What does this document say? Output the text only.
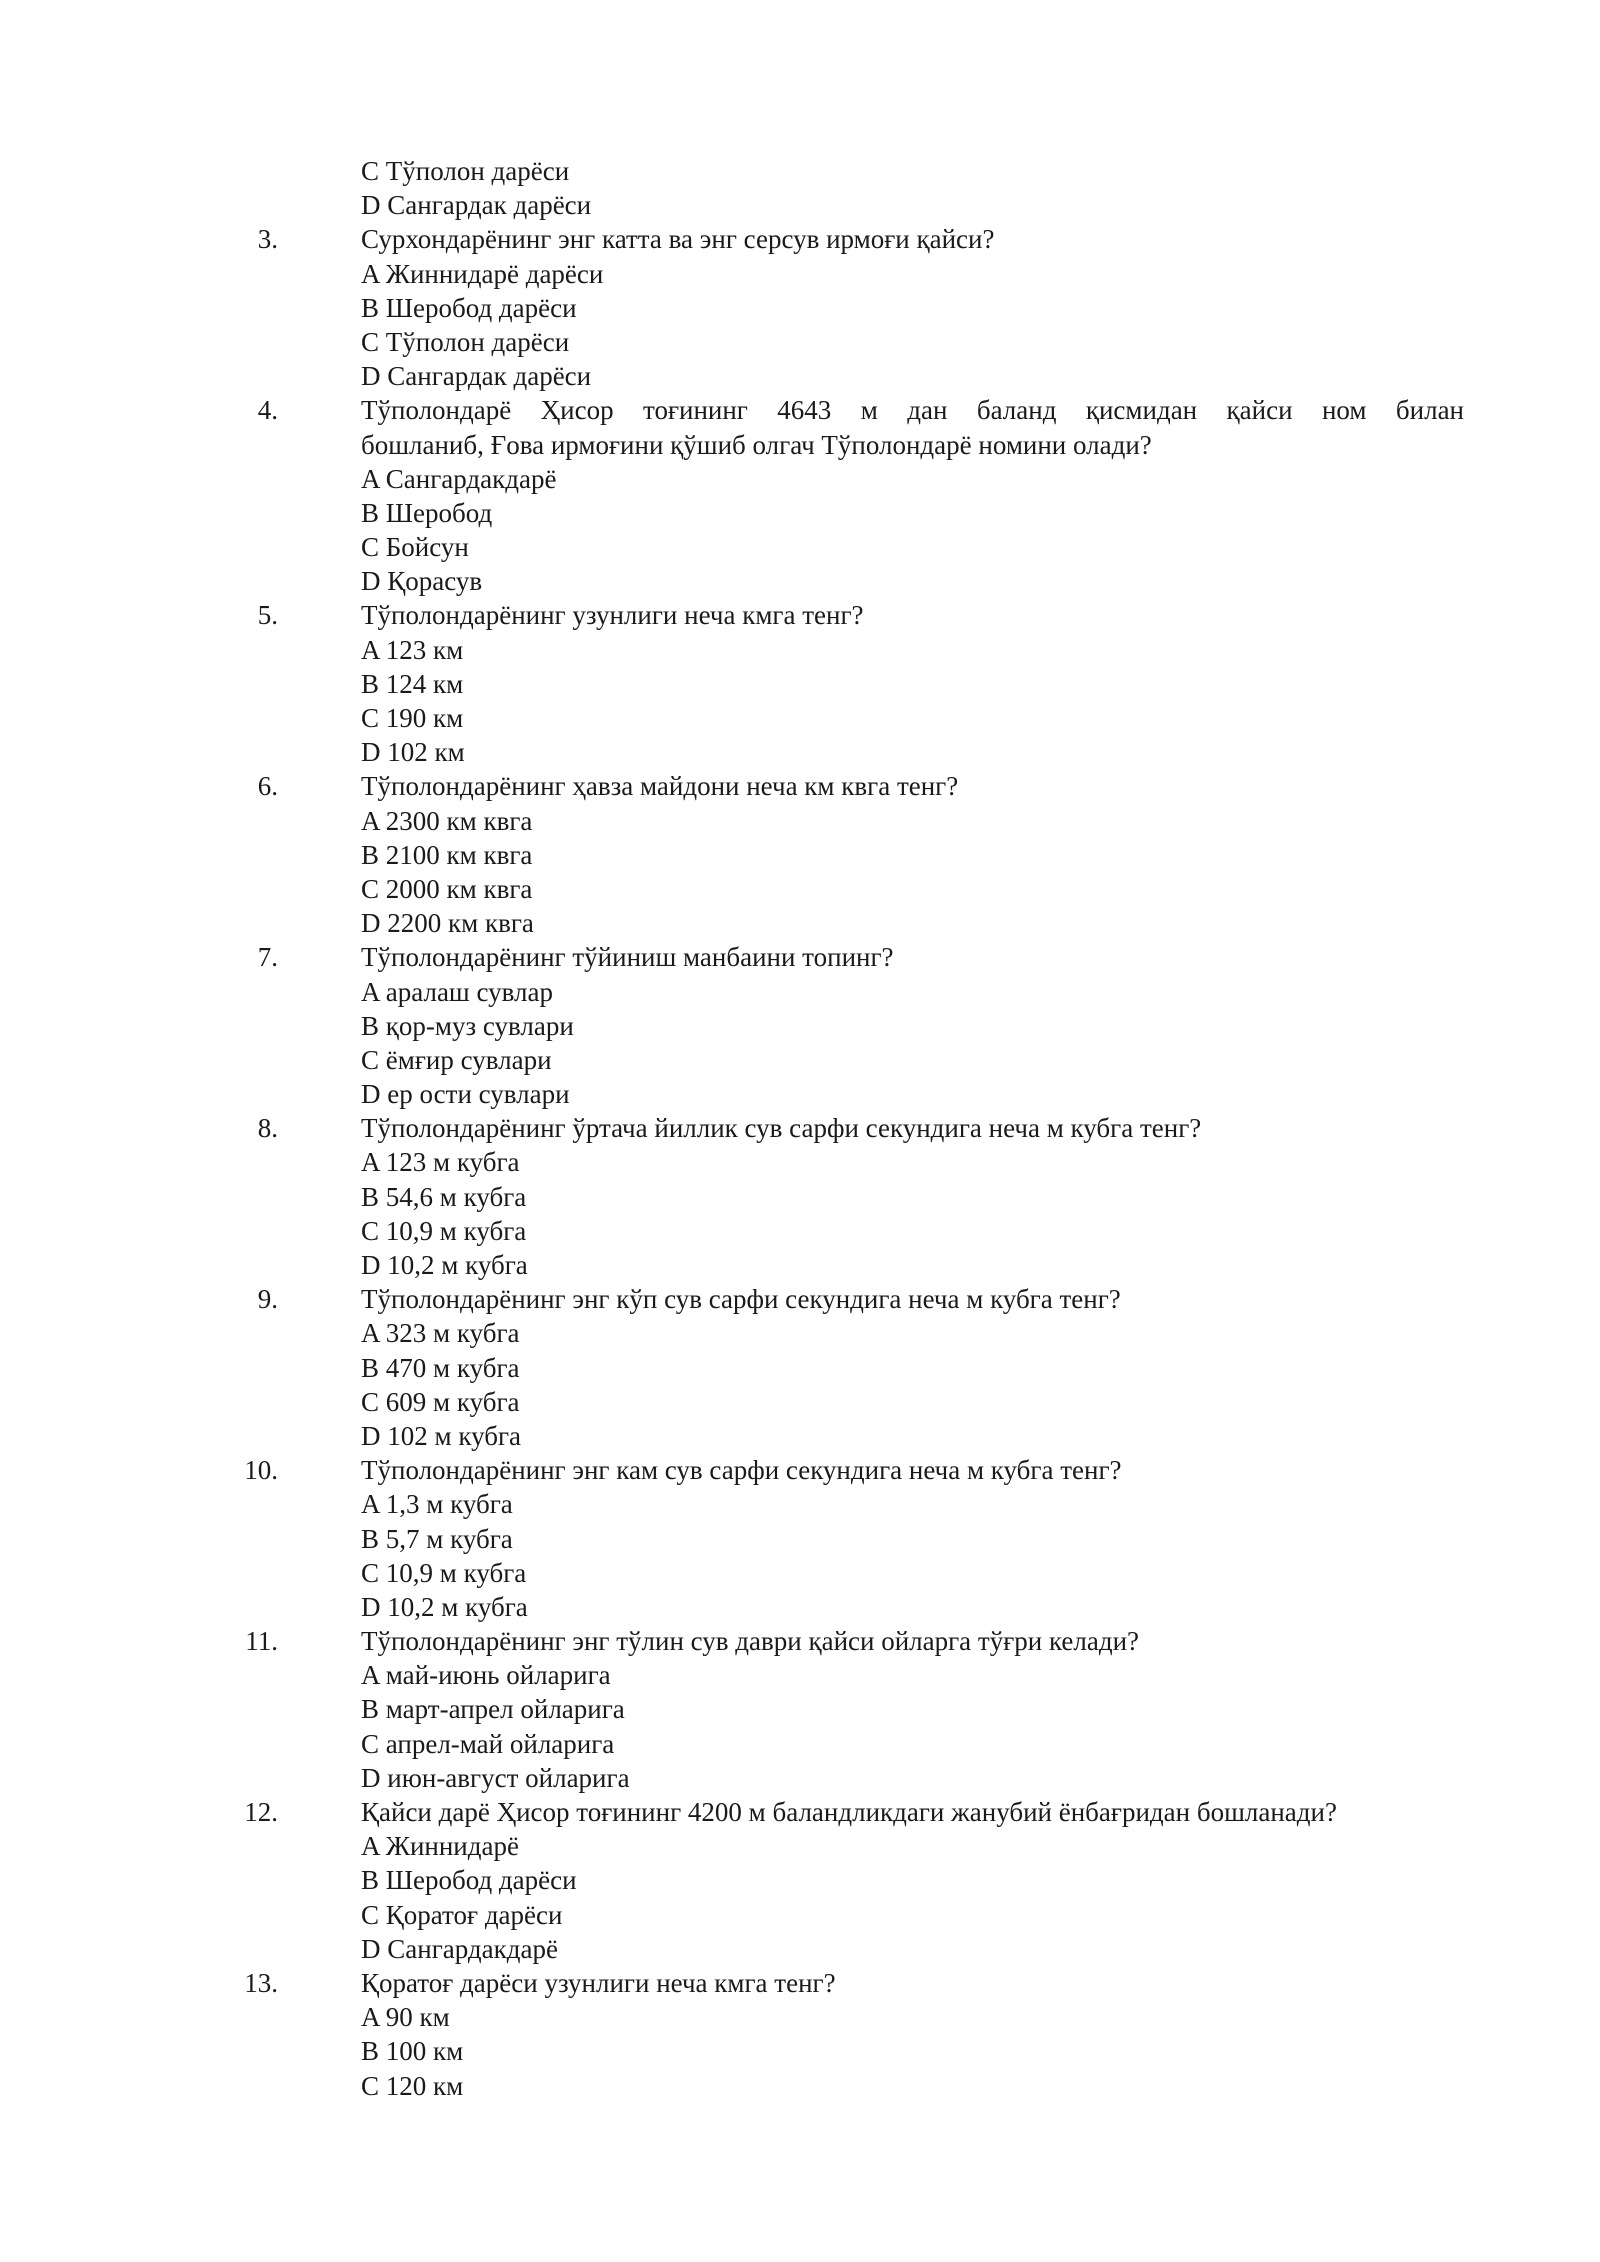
C Тўполон дарёси
D Сангардак дарёси
3.	Сурхондарёнинг энг катта ва энг серсув ирмоғи қайси?
A Жиннидарё дарёси
B Шеробод дарёси
C Тўполон дарёси
D Сангардак дарёси
4.	Тўполондарё Ҳисор тоғининг 4643 м дан баланд қисмидан қайси ном билан
бошланиб, Ғова ирмоғини қўшиб олгач Тўполондарё номини олади?
A Сангардакдарё
B Шеробод
C Бойсун
D Қорасув
5.	Тўполондарёнинг узунлиги неча кмга тенг?
A 123 км
B 124 км
C 190 км
D 102 км
6.	Тўполондарёнинг ҳавза майдони неча км квга тенг?
A 2300 км квга
B 2100 км квга
C 2000 км квга
D 2200 км квга
7.	Тўполондарёнинг тўйиниш манбаини топинг?
A аралаш сувлар
B қор-муз сувлари
C ёмғир сувлари
D ер ости сувлари
8.	Тўполондарёнинг ўртача йиллик сув сарфи секундига неча м кубга тенг?
A 123 м кубга
B 54,6 м кубга
C 10,9 м кубга
D 10,2 м кубга
9.	Тўполондарёнинг энг кўп сув сарфи секундига неча м кубга тенг?
A 323 м кубга
B 470 м кубга
C 609 м кубга
D 102 м кубга
10.	Тўполондарёнинг энг кам сув сарфи секундига неча м кубга тенг?
A 1,3 м кубга
B 5,7 м кубга
C 10,9 м кубга
D 10,2 м кубга
11.	Тўполондарёнинг энг тўлин сув даври қайси ойларга тўғри келади?
A май-июнь ойларига
B март-апрел ойларига
C апрел-май ойларига
D июн-август ойларига
12.	Қайси дарё Ҳисор тоғининг 4200 м баландликдаги жанубий ёнбағридан бошланади?
A Жиннидарё
B Шеробод дарёси
C Қоратоғ дарёси
D Сангардакдарё
13.	Қоратоғ дарёси узунлиги неча кмга тенг?
A 90 км
B 100 км
C 120 км
